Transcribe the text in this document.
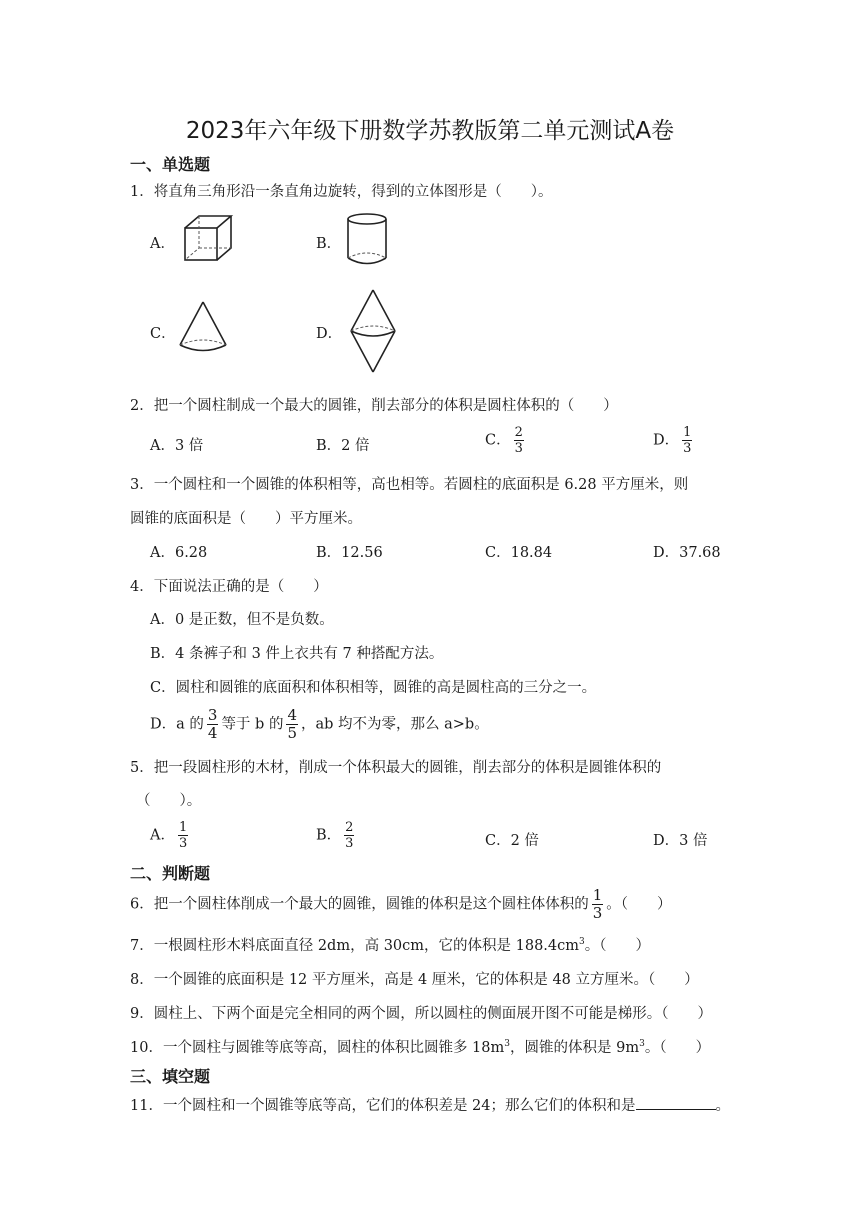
2023年六年级下册数学苏教版第二单元测试A卷
一、单选题
1．将直角三角形沿一条直角边旋转，得到的立体图形是（　　）。
A．	B．
C．	D．
2．把一个圆柱制成一个最大的圆锥，削去部分的体积是圆柱体积的（　　）
A．3 倍	B．2 倍	C． $\frac{2}{3}$	D． $\frac{1}{3}$
3．一个圆柱和一个圆锥的体积相等，高也相等。若圆柱的底面积是 6.28 平方厘米，则
圆锥的底面积是（　　）平方厘米。
A．6.28	B．12.56	C．18.84	D．37.68
4．下面说法正确的是（　　）
A．0 是正数，但不是负数。
B．4 条裤子和 3 件上衣共有 7 种搭配方法。
C．圆柱和圆锥的底面积和体积相等，圆锥的高是圆柱高的三分之一。
D．a 的 $\frac{3}{4}$ 等于 b 的 $\frac{4}{5}$ ，ab 均不为零，那么 a>b。
5．把一段圆柱形的木材，削成一个体积最大的圆锥，削去部分的体积是圆锥体积的
（　　）。
A． $\frac{1}{3}$	B． $\frac{2}{3}$	C．2 倍	D．3 倍
二、判断题
6．把一个圆柱体削成一个最大的圆锥，圆锥的体积是这个圆柱体体积的 $\frac{1}{3}$ 。（　　）
7．一根圆柱形木料底面直径 2dm，高 30cm，它的体积是 $188.4cm^3$。（　　）
8．一个圆锥的底面积是 12 平方厘米，高是 4 厘米，它的体积是 48 立方厘米。（　　）
9．圆柱上、下两个面是完全相同的两个圆，所以圆柱的侧面展开图不可能是梯形。（　　）
10．一个圆柱与圆锥等底等高，圆柱的体积比圆锥多 $18m^3$，圆锥的体积是 $9m^3$。（　　）
三、填空题
11．一个圆柱和一个圆锥等底等高，它们的体积差是 24；那么它们的体积和是	。
